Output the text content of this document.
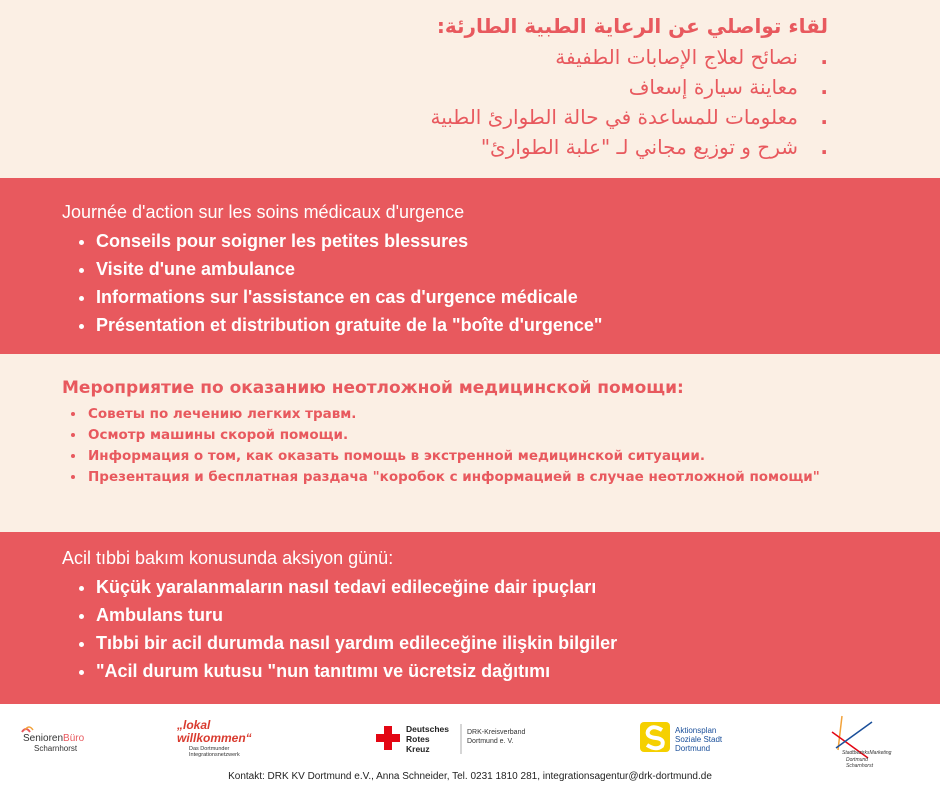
لقاء تواصلي عن الرعاية الطبية الطارئة:
. نصائح لعلاج الإصابات الطفيفة
. معاينة سيارة إسعاف
. معلومات للمساعدة في حالة الطوارئ الطبية
. شرح و توزيع مجاني لـ "علبة الطوارئ"
Journée d'action sur les soins médicaux d'urgence
• Conseils pour soigner les petites blessures
• Visite d'une ambulance
• Informations sur l'assistance en cas d'urgence médicale
• Présentation et distribution gratuite de la "boîte d'urgence"
Мероприятие по оказанию неотложной медицинской помощи:
• Советы по лечению легких травм.
• Осмотр машины скорой помощи.
• Информация о том, как оказать помощь в экстренной медицинской ситуации.
• Презентация и бесплатная раздача "коробок с информацией в случае неотложной помощи"
Acil tıbbi bakım konusunda aksiyon günü:
• Küçük yaralanmaların nasıl tedavi edileceğine dair ipuçları
• Ambulans turu
• Tıbbi bir acil durumda nasıl yardım edileceğine ilişkin bilgiler
• "Acil durum kutusu "nun tanıtımı ve ücretsiz dağıtımı
SeniorenBüro
Scharnhorst
„lokal
willkommen“
Das Dortmunder
Integrationsnetzwerk
Deutsches
Rotes
Kreuz
DRK-Kreisverband
Dortmund e. V.
Aktionsplan
Soziale Stadt
Dortmund	StadtbezirksMarketing
Dortmund
Scharnhorst
Kontakt: DRK KV Dortmund e.V., Anna Schneider, Tel. 0231 1810 281, integrationsagentur@drk-dortmund.de
